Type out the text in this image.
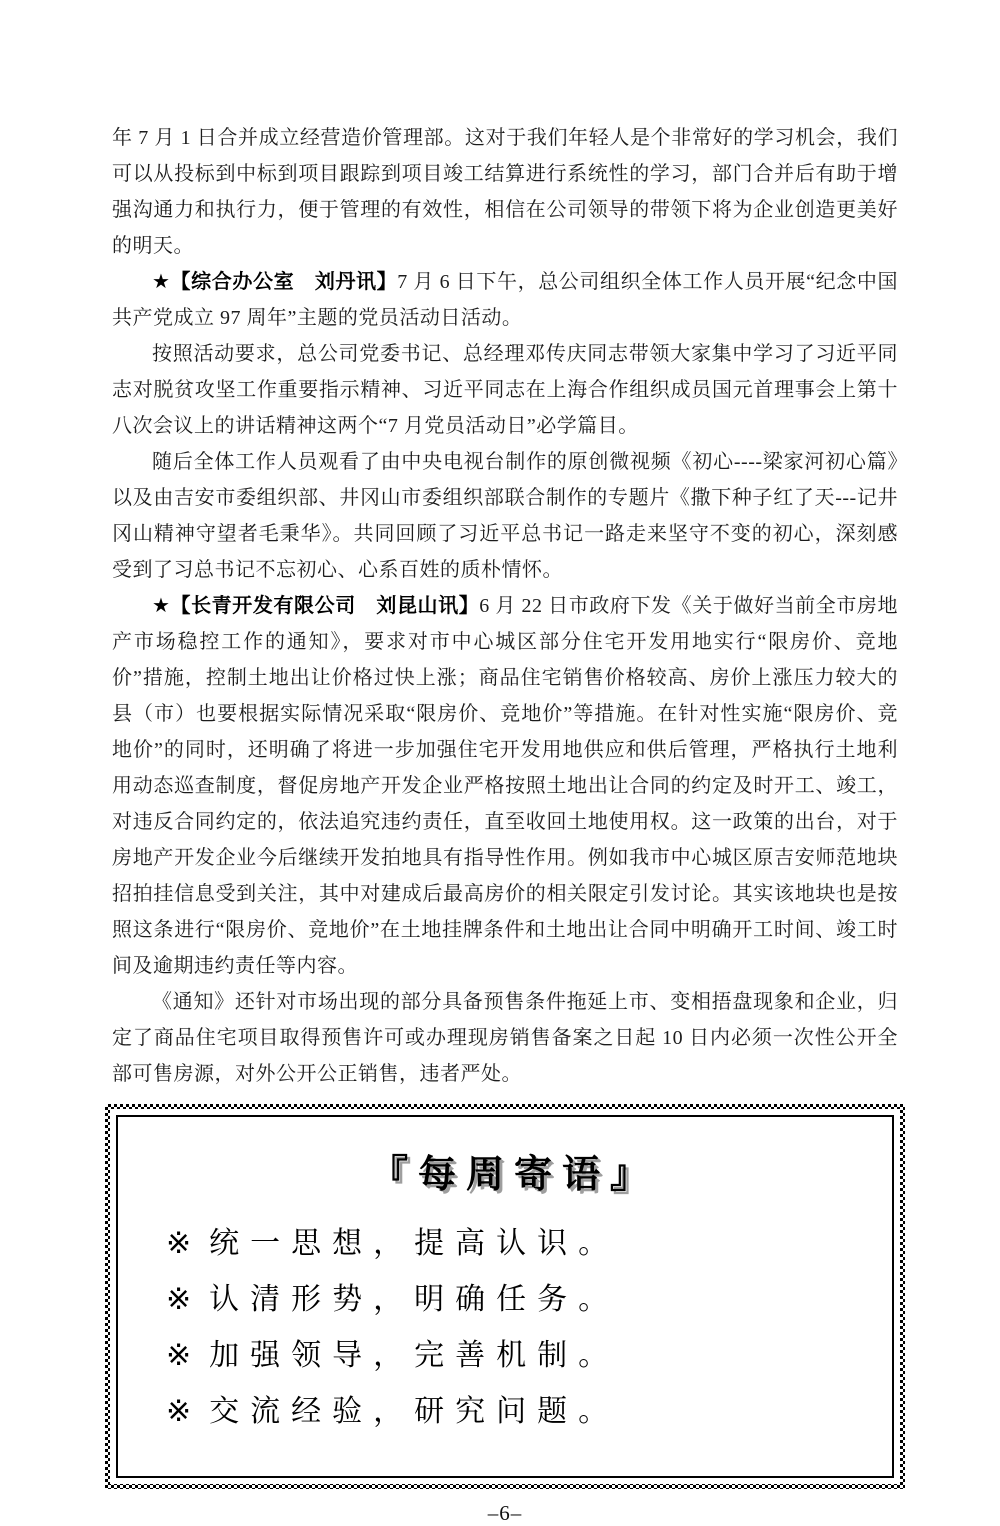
年 7 月 1 日合并成立经营造价管理部。这对于我们年轻人是个非常好的学习机会，我们可以从投标到中标到项目跟踪到项目竣工结算进行系统性的学习，部门合并后有助于增强沟通力和执行力，便于管理的有效性，相信在公司领导的带领下将为企业创造更美好的明天。

★【综合办公室　刘丹讯】7 月 6 日下午，总公司组织全体工作人员开展“纪念中国共产党成立 97 周年”主题的党员活动日活动。

按照活动要求，总公司党委书记、总经理邓传庆同志带领大家集中学习了习近平同志对脱贫攻坚工作重要指示精神、习近平同志在上海合作组织成员国元首理事会上第十八次会议上的讲话精神这两个“7 月党员活动日”必学篇目。

随后全体工作人员观看了由中央电视台制作的原创微视频《初心----梁家河初心篇》以及由吉安市委组织部、井冈山市委组织部联合制作的专题片《撒下种子红了天---记井冈山精神守望者毛秉华》。共同回顾了习近平总书记一路走来坚守不变的初心，深刻感受到了习总书记不忘初心、心系百姓的质朴情怀。

★【长青开发有限公司　刘昆山讯】6 月 22 日市政府下发《关于做好当前全市房地产市场稳控工作的通知》，要求对市中心城区部分住宅开发用地实行“限房价、竞地价”措施，控制土地出让价格过快上涨；商品住宅销售价格较高、房价上涨压力较大的县（市）也要根据实际情况采取“限房价、竞地价”等措施。在针对性实施“限房价、竞地价”的同时，还明确了将进一步加强住宅开发用地供应和供后管理，严格执行土地利用动态巡查制度，督促房地产开发企业严格按照土地出让合同的约定及时开工、竣工，对违反合同约定的，依法追究违约责任，直至收回土地使用权。这一政策的出台，对于房地产开发企业今后继续开发拍地具有指导性作用。例如我市中心城区原吉安师范地块招拍挂信息受到关注，其中对建成后最高房价的相关限定引发讨论。其实该地块也是按照这条进行“限房价、竞地价”在土地挂牌条件和土地出让合同中明确开工时间、竣工时间及逾期违约责任等内容。

《通知》还针对市场出现的部分具备预售条件拖延上市、变相捂盘现象和企业，归定了商品住宅项目取得预售许可或办理现房销售备案之日起 10 日内必须一次性公开全部可售房源，对外公开公正销售，违者严处。

『每周寄语』
※ 统一思想，提高认识。
※ 认清形势，明确任务。
※ 加强领导，完善机制。
※ 交流经验，研究问题。
–6–
